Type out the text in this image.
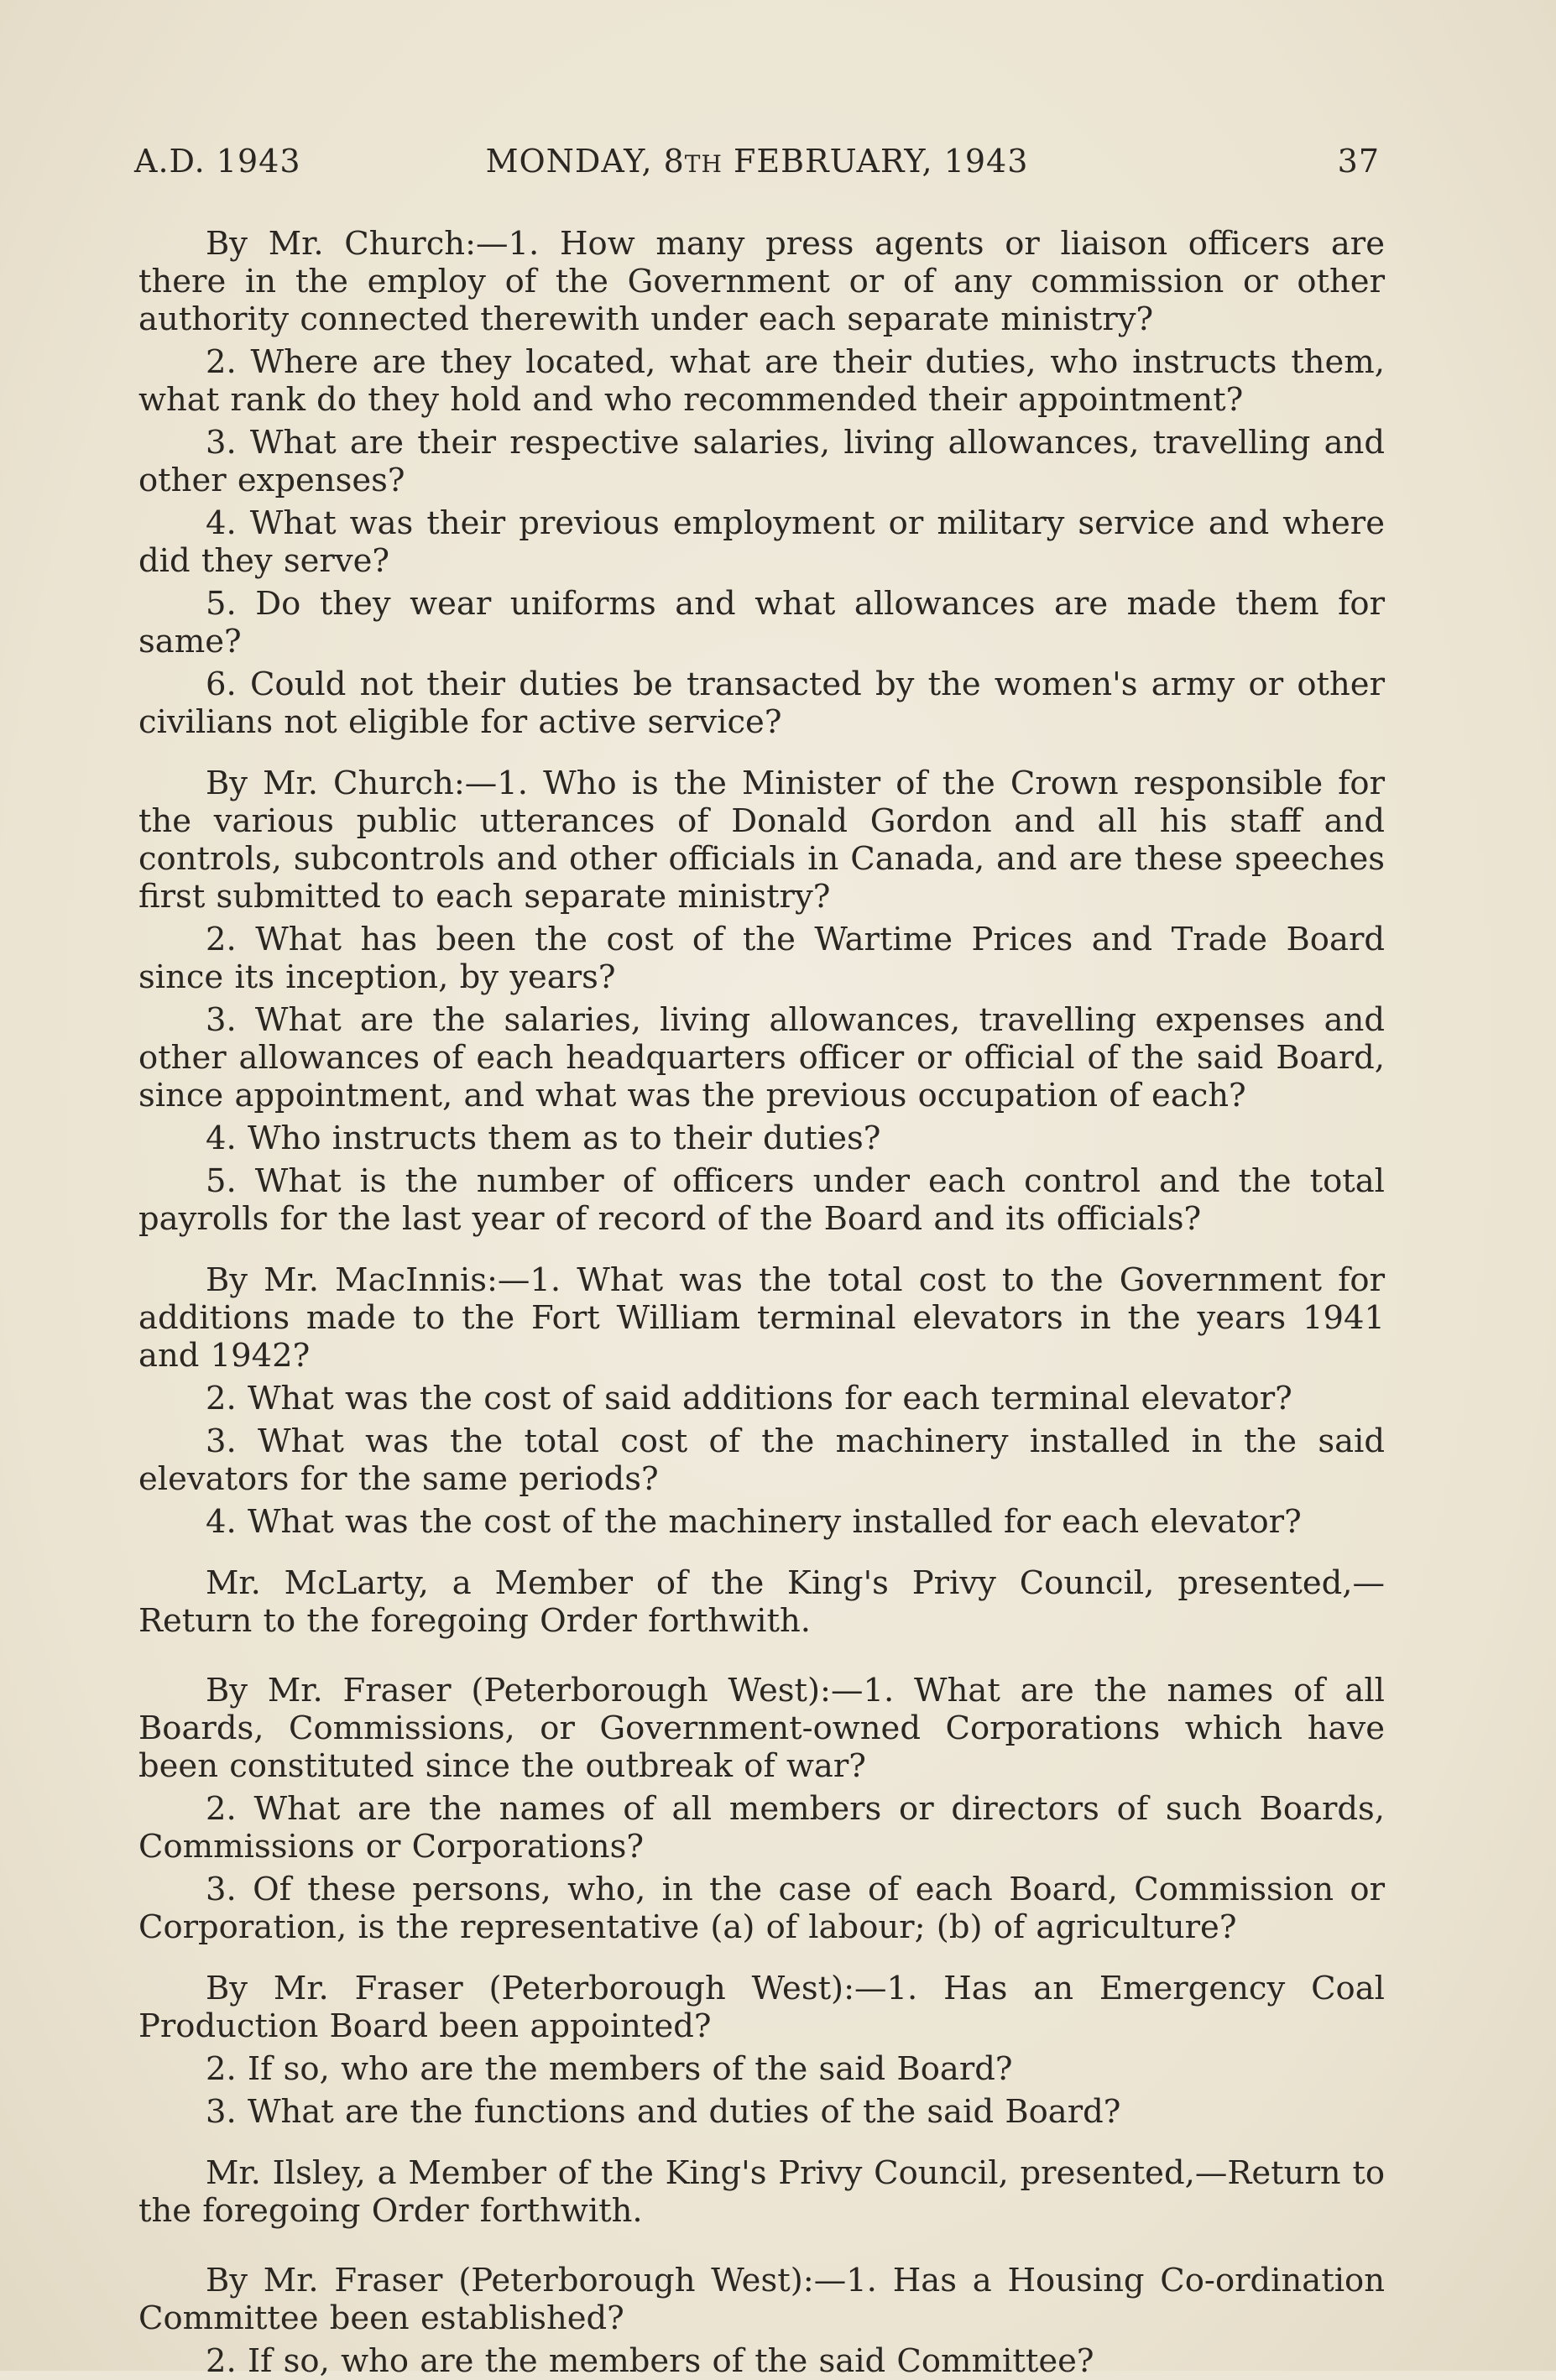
A.D. 1943	MONDAY, 8TH FEBRUARY, 1943	37

By Mr. Church:—1. How many press agents or liaison officers are there in the employ of the Government or of any commission or other authority connected therewith under each separate ministry?

2. Where are they located, what are their duties, who instructs them, what rank do they hold and who recommended their appointment?

3. What are their respective salaries, living allowances, travelling and other expenses?

4. What was their previous employment or military service and where did they serve?

5. Do they wear uniforms and what allowances are made them for same?

6. Could not their duties be transacted by the women's army or other civilians not eligible for active service?

By Mr. Church:—1. Who is the Minister of the Crown responsible for the various public utterances of Donald Gordon and all his staff and controls, subcontrols and other officials in Canada, and are these speeches first submitted to each separate ministry?

2. What has been the cost of the Wartime Prices and Trade Board since its inception, by years?

3. What are the salaries, living allowances, travelling expenses and other allowances of each headquarters officer or official of the said Board, since appointment, and what was the previous occupation of each?

4. Who instructs them as to their duties?

5. What is the number of officers under each control and the total payrolls for the last year of record of the Board and its officials?

By Mr. MacInnis:—1. What was the total cost to the Government for additions made to the Fort William terminal elevators in the years 1941 and 1942?

2. What was the cost of said additions for each terminal elevator?

3. What was the total cost of the machinery installed in the said elevators for the same periods?

4. What was the cost of the machinery installed for each elevator?

Mr. McLarty, a Member of the King's Privy Council, presented,—Return to the foregoing Order forthwith.

By Mr. Fraser (Peterborough West):—1. What are the names of all Boards, Commissions, or Government-owned Corporations which have been constituted since the outbreak of war?

2. What are the names of all members or directors of such Boards, Commissions or Corporations?

3. Of these persons, who, in the case of each Board, Commission or Corporation, is the representative (a) of labour; (b) of agriculture?

By Mr. Fraser (Peterborough West):—1. Has an Emergency Coal Production Board been appointed?

2. If so, who are the members of the said Board?

3. What are the functions and duties of the said Board?

Mr. Ilsley, a Member of the King's Privy Council, presented,—Return to the foregoing Order forthwith.

By Mr. Fraser (Peterborough West):—1. Has a Housing Co-ordination Committee been established?

2. If so, who are the members of the said Committee?
